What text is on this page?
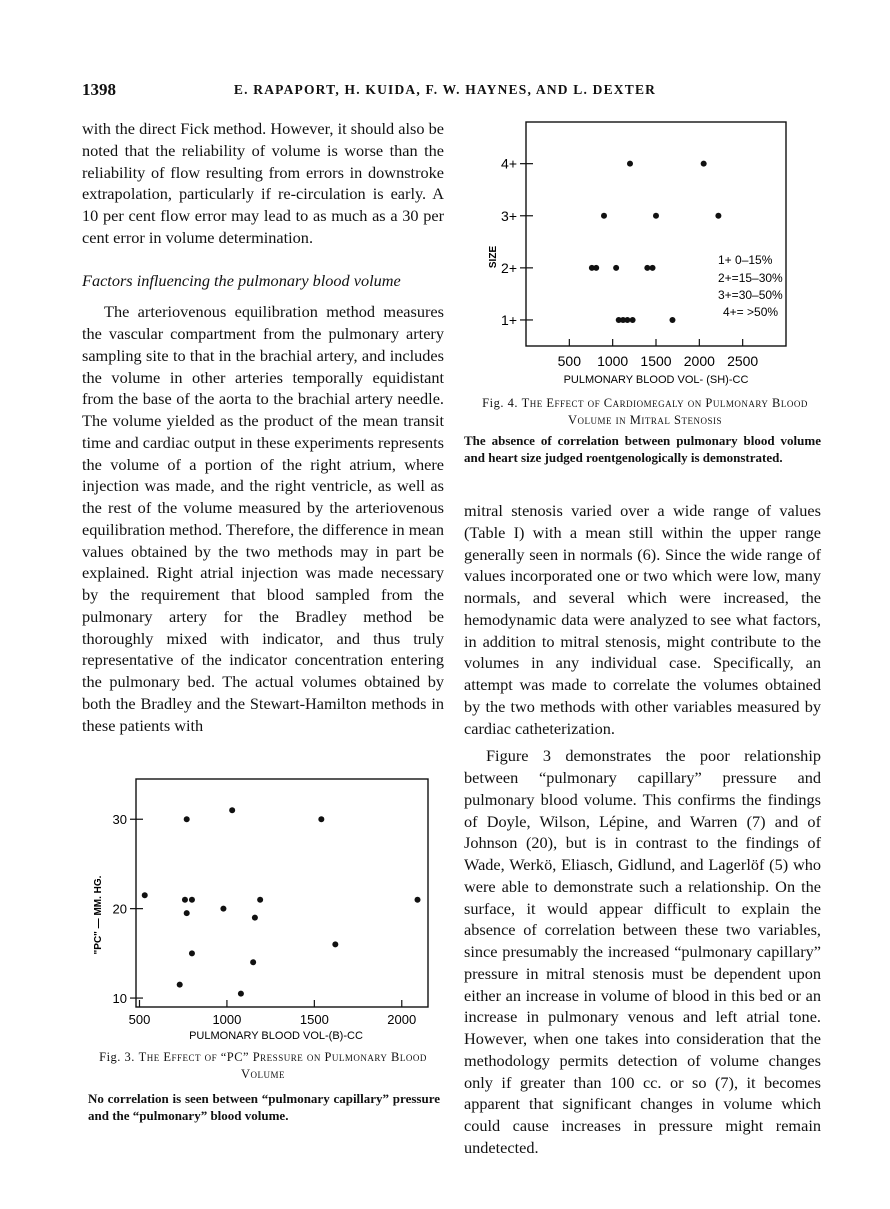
1398	E. RAPAPORT, H. KUIDA, F. W. HAYNES, AND L. DEXTER

with the direct Fick method. However, it should also be noted that the reliability of volume is worse than the reliability of flow resulting from errors in downstroke extrapolation, particularly if re-circulation is early. A 10 per cent flow error may lead to as much as a 30 per cent error in volume determination.

Factors influencing the pulmonary blood volume

The arteriovenous equilibration method measures the vascular compartment from the pulmonary artery sampling site to that in the brachial artery, and includes the volume in other arteries temporally equidistant from the base of the aorta to the brachial artery needle. The volume yielded as the product of the mean transit time and cardiac output in these experiments represents the volume of a portion of the right atrium, where injection was made, and the right ventricle, as well as the rest of the volume measured by the arteriovenous equilibration method. Therefore, the difference in mean values obtained by the two methods may in part be explained. Right atrial injection was made necessary by the requirement that blood sampled from the pulmonary artery for the Bradley method be thoroughly mixed with indicator, and thus truly representative of the indicator concentration entering the pulmonary bed. The actual volumes obtained by both the Bradley and the Stewart-Hamilton methods in these patients with

mitral stenosis varied over a wide range of values (Table I) with a mean still within the upper range generally seen in normals (6). Since the wide range of values incorporated one or two which were low, many normals, and several which were increased, the hemodynamic data were analyzed to see what factors, in addition to mitral stenosis, might contribute to the volumes in any individual case. Specifically, an attempt was made to correlate the volumes obtained by the two methods with other variables measured by cardiac catheterization.

Figure 3 demonstrates the poor relationship between “pulmonary capillary” pressure and pulmonary blood volume. This confirms the findings of Doyle, Wilson, Lépine, and Warren (7) and of Johnson (20), but is in contrast to the findings of Wade, Werkö, Eliasch, Gidlund, and Lagerlöf (5) who were able to demonstrate such a relationship. On the surface, it would appear difficult to explain the absence of correlation between these two variables, since presumably the increased “pulmonary capillary” pressure in mitral stenosis must be dependent upon either an increase in volume of blood in this bed or an increase in pulmonary venous and left atrial tone. However, when one takes into consideration that the methodology permits detection of volume changes only if greater than 100 cc. or so (7), it becomes apparent that significant changes in volume which could cause increases in pressure might remain undetected.

500 1000 1500 2000 2500
1+
2+
3+
4+
SIZE
PULMONARY BLOOD VOL- (SH)-CC
1+ 0–15%
2+=15–30%
3+=30–50%
4+= >50%
Fig. 4. The Effect of Cardiomegaly on Pulmonary Blood Volume in Mitral Stenosis
The absence of correlation between pulmonary blood volume and heart size judged roentgenologically is demonstrated.
500	1000	1500	2000
10
20
30
"PC" — MM. HG.
PULMONARY BLOOD VOL-(B)-CC
Fig. 3. The Effect of “PC” Pressure on Pulmonary Blood Volume
No correlation is seen between “pulmonary capillary” pressure and the “pulmonary” blood volume.
